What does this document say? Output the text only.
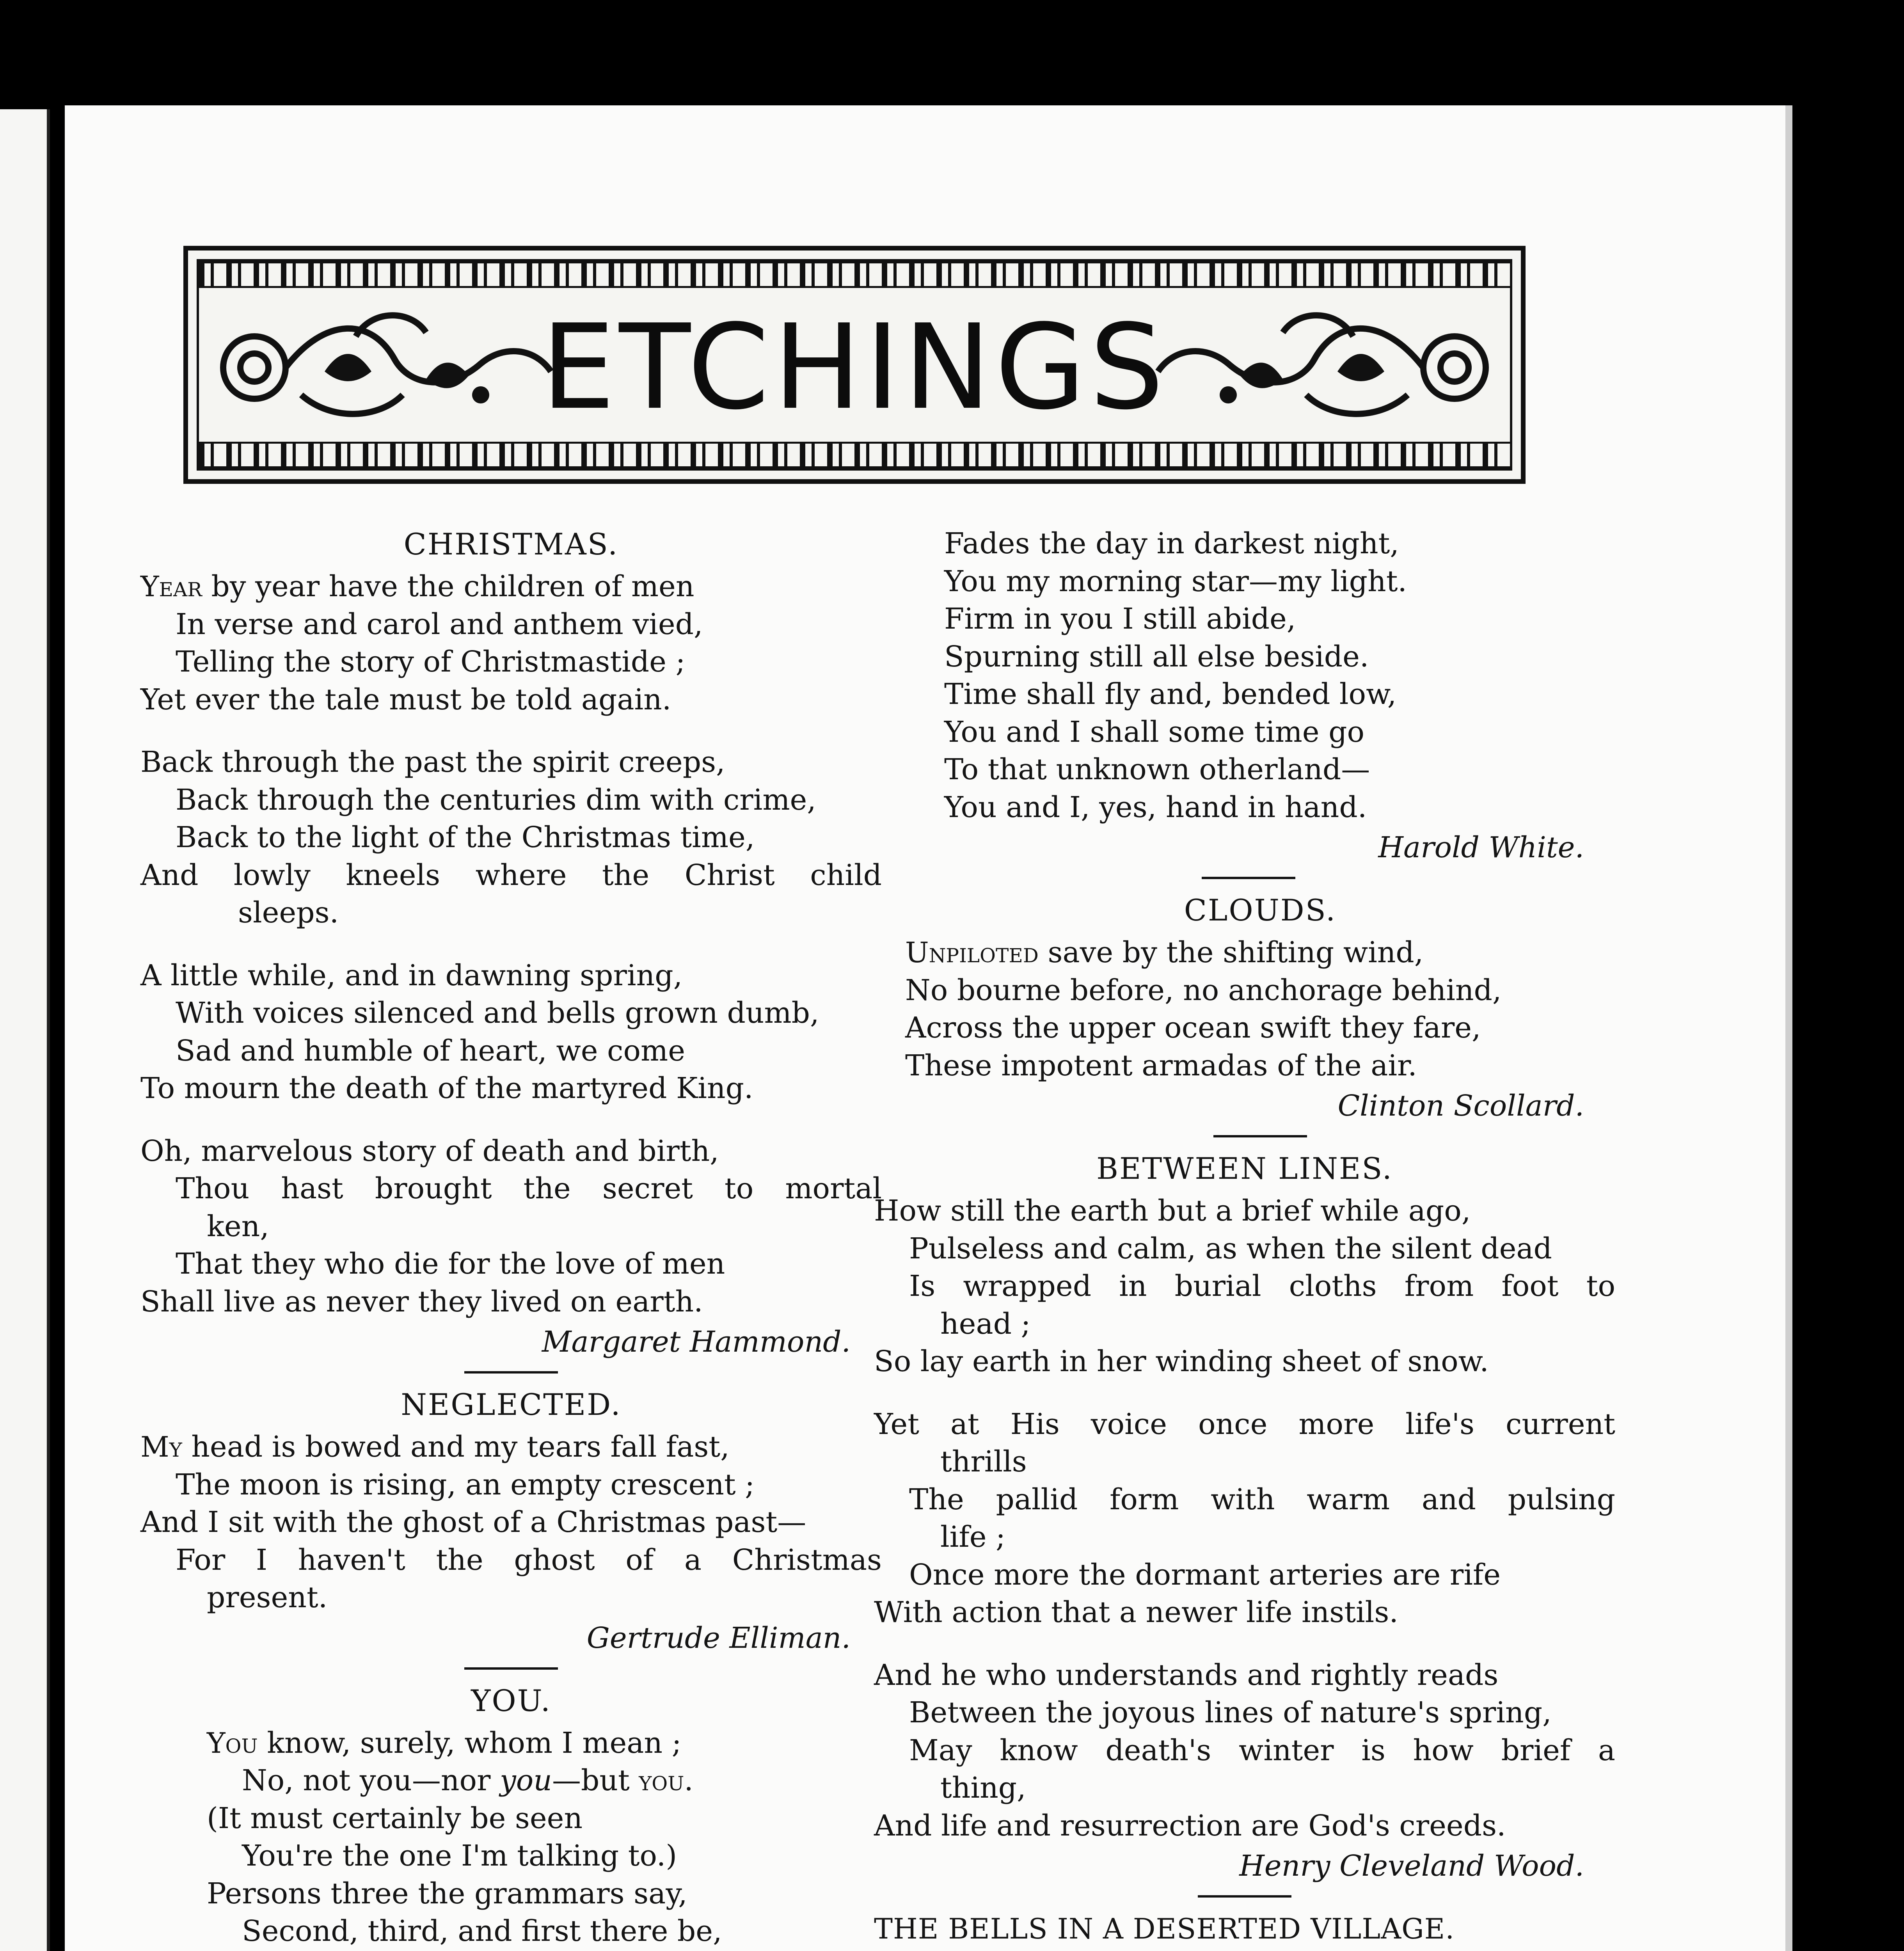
ETCHINGS
CHRISTMAS.
Year by year have the children of men
In verse and carol and anthem vied,
Telling the story of Christmastide ;
Yet ever the tale must be told again.
Back through the past the spirit creeps,
Back through the centuries dim with crime,
Back to the light of the Christmas time,
And lowly kneels where the Christ child
sleeps.
A little while, and in dawning spring,
With voices silenced and bells grown dumb,
Sad and humble of heart, we come
To mourn the death of the martyred King.
Oh, marvelous story of death and birth,
Thou hast brought the secret to mortal
ken,
That they who die for the love of men
Shall live as never they lived on earth.
Margaret Hammond.
NEGLECTED.
My head is bowed and my tears fall fast,
The moon is rising, an empty crescent ;
And I sit with the ghost of a Christmas past—
For I haven't the ghost of a Christmas
present.
Gertrude Elliman.
YOU.
You know, surely, whom I mean ;
No, not you—nor you—but you.
(It must certainly be seen
You're the one I'm talking to.)
Persons three the grammars say,
Second, third, and first there be,
Fades the day in darkest night,
You my morning star—my light.
Firm in you I still abide,
Spurning still all else beside.
Time shall fly and, bended low,
You and I shall some time go
To that unknown otherland—
You and I, yes, hand in hand.
Harold White.
CLOUDS.
Unpiloted save by the shifting wind,
No bourne before, no anchorage behind,
Across the upper ocean swift they fare,
These impotent armadas of the air.
Clinton Scollard.
BETWEEN LINES.
How still the earth but a brief while ago,
Pulseless and calm, as when the silent dead
Is wrapped in burial cloths from foot to
head ;
So lay earth in her winding sheet of snow.
Yet at His voice once more life's current
thrills
The pallid form with warm and pulsing
life ;
Once more the dormant arteries are rife
With action that a newer life instils.
And he who understands and rightly reads
Between the joyous lines of nature's spring,
May know death's winter is how brief a
thing,
And life and resurrection are God's creeds.
Henry Cleveland Wood.
THE BELLS IN A DESERTED VILLAGE.
